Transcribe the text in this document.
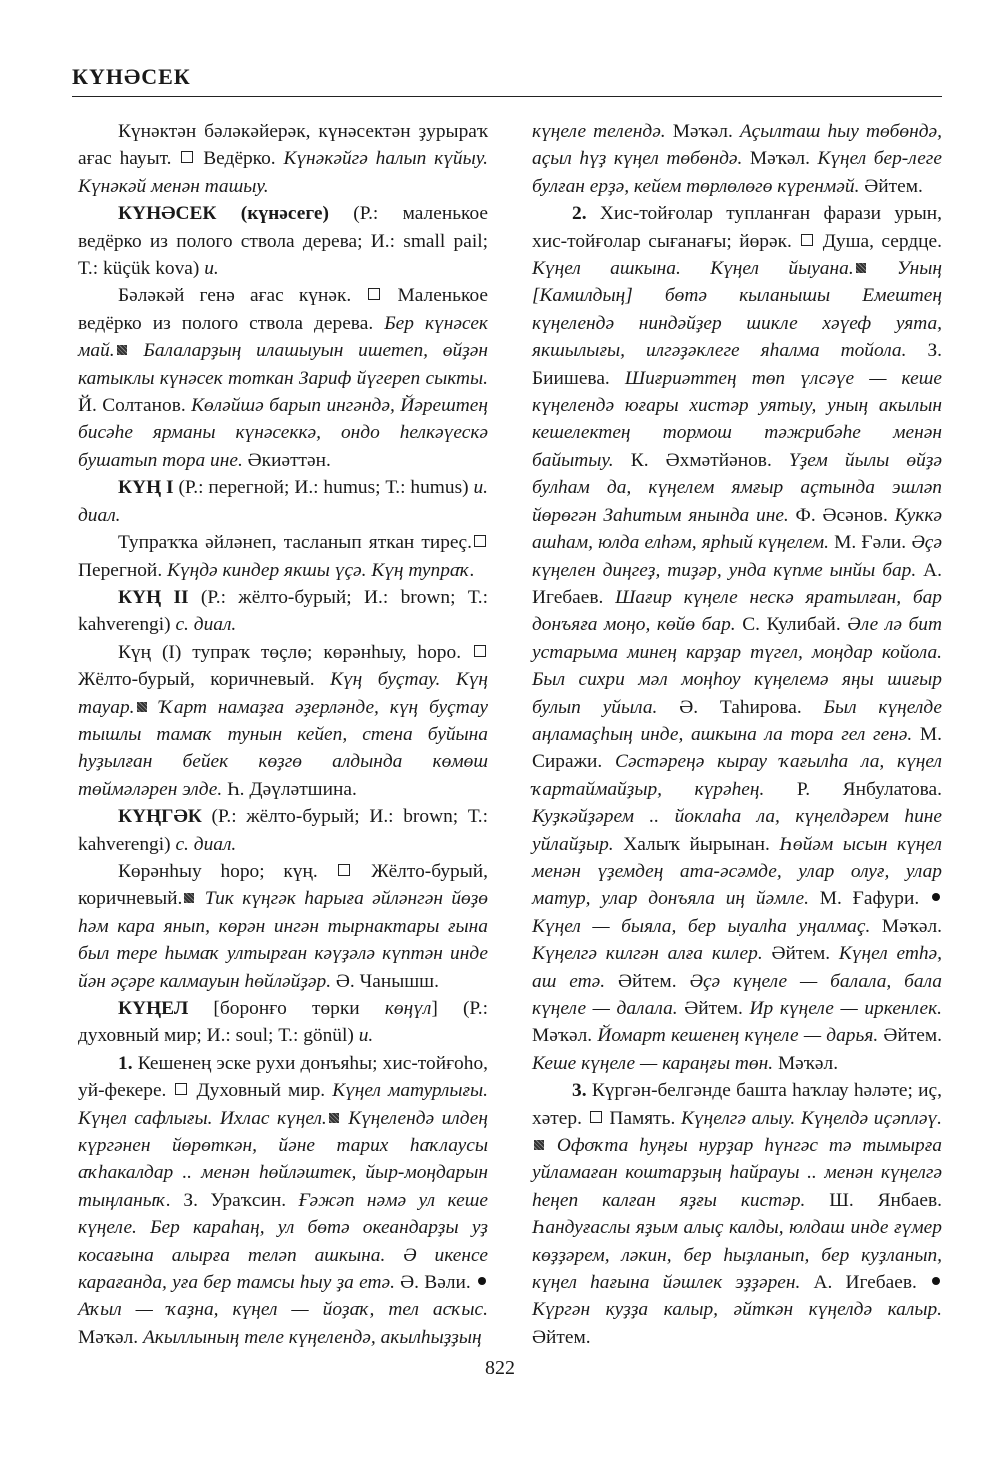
КҮНӘСЕК

Күнәктән бәләкәйерәк, күнәсектән ҙурыраҡ ағас һауыт.  Ведёрко. Күнәкәйгә һалып күйыу. Күнәкәй менән ташыу.

КҮНӘСЕК (күнәсеге) (Р.: маленькое ведёрко из полого ствола дерева; И.: small pail; Т.: küçük kova) и.

Бәләкәй генә ағас күнәк.  Маленькое ведёрко из полого ствола дерева. Бер күнәсек май. Балаларҙың илашыуын ишетеп, өйҙән катыклы күнәсек тоткан Зариф йүгереп сыкты. Й. Солтанов. Көләйшә барып ингәндә, Йәрештең бисәһе ярманы күнәсеккә, ондо һелкәүескә бушатып тора ине. Әкиәттән.

КҮҢ I (Р.: перегной; И.: humus; Т.: humus) и. диал.

Тупраҡҡа әйләнеп, тасланып яткан тиреç. Перегной. Күңдә киндер якшы үçә. Күң тупраҡ.

КҮҢ II (Р.: жёлто-бурый; И.: brown; Т.: kahverengi) с. диал.

Күң (I) тупраҡ төçлө; көрәнһыу, һоро.  Жёлто-бурый, коричневый. Күң буçтау. Күң тауар. Ҡарт намаҙға әҙерләнде, күң буçтау тышлы тамаҡ тунын кейеп, стена буйына һуҙылған бейек көҙгө алдында көмөш төймәләрен элде. Һ. Дәүләтшина.

КҮҢГӘК (Р.: жёлто-бурый; И.: brown; Т.: kahverengi) с. диал.

Көрәнһыу һоро; күң.  Жёлто-бурый, коричневый. Тик күңгәк һарыға әйләнгән йөҙө һәм кара янып, көрән ингән тырнактары ғына был тере һымаҡ ултырған кәүҙәлә күптән инде йән әçәре калмауын һөйләйҙәр. Ә. Чанышш.

КҮҢЕЛ [боронғо төрки көңүл] (Р.: духовный мир; И.: soul; Т.: gönül) и.

1. Кешенең эске рухи донъяһы; хис-тойғоһо, уй-фекере.  Духовный мир. Күңел матурлығы. Күңел сафлығы. Ихлас күңел. Күңелендә илдең күргәнен йөрөткән, йәне тарих һаҡлаусы аҡһакалдар .. менән һөйләштек, йыр-моңдарын тыңланыҡ. З. Ураҡсин. Ғәжәп нәмә ул кеше күңеле. Бер караһаң, ул бөтә океандарҙы уҙ косағына алырға теләп ашкына. Ә икенсе карағанда, уға бер тамсы һыу ҙа етә. Ә. Вәли.  Аҡыл — ҡаҙна, күңел — йоҙаҡ, тел асҡыс. Мәҡәл. Акыллының теле күңелендә, акылһыҙҙың

күңеле телендә. Мәҡәл. Аçылташ һыу төбөндә, аçыл һүҙ күңел төбөндә. Мәҡәл. Күңел бер-леге булған ерҙә, кейем төрлөлөгө күренмәй. Әйтем.

2. Хис-тойғолар тупланған фарази урын, хис-тойғолар сығанағы; йөрәк.  Душа, сердце. Күңел ашкына. Күңел йыуана. Уның [Камилдың] бөтә кыланышы Емештең күңелендә ниндәйҙер шикле хәүеф уята, якшылығы, илгәҙәклеге яһалма тойола. З. Биишева. Шиғриәттең төп үлсәүе — кеше күңелендә юғары хистәр уятыу, уның акылын кешелектең тормош тәжрибәһе менән байытыу. К. Әхмәтйәнов. Үҙем йылы өйҙә булһам да, күңелем ямғыр аçтында эшләп йөрөгән Заһитым янында ине. Ф. Әсәнов. Куккә ашһам, юлда елһәм, ярһый күңелем. М. Ғәли. Әçә күңелен диңгеҙ, тиҙәр, унда күпме ынйы бар. А. Игебаев. Шағир күңеле нескә яратылған, бар донъяға моңо, көйө бар. С. Кулибай. Әле лә бит устарыма минең карҙар түгел, моңдар койола. Был сихри мәл моңһоу күңелемә яңы шиғыр булып уйыла. Ә. Таһирова. Был күңелде аңламаçһың инде, ашкына ла тора гел генә. М. Сиражи. Сәстәреңә кырау ҡағылһа ла, күңел ҡартаймайҙыр, күрәһең. Р. Янбулатова. Куҙкәйҙәрем .. йоклаһа ла, күңелдәрем һине уйлайҙыр. Халыҡ йырынан. Һөйәм ысын күңел менән үҙемдең ата-әсәмде, улар олуғ, улар матур, улар донъяла иң йәмле. М. Ғафури.  Күңел — быяла, бер ыуалһа уңалмаç. Мәҡәл. Күңелгә килгән алға килер. Әйтем. Күңел етһә, аш етә. Әйтем. Әçә күңеле — балала, бала күңеле — далала. Әйтем. Ир күңеле — иркенлек. Мәҡәл. Йомарт кешенең күңеле — дарья. Әйтем. Кеше күңеле — караңғы төн. Мәҡәл.

3. Күргән-белгәнде башта һаҡлау һәләте; иç, хәтер.  Память. Күңелгә алыу. Күңелдә иçәпләү. Офоҡта һуңғы нурҙар һүнгәс тә тымырға уйламаған коштарҙың һайрауы .. менән күңелгә һеңеп калған яҙғы кистәр. Ш. Янбаев. Һандуғаслы яҙым алыç калды, юлдаш инде ғүмер көҙҙәрем, ләкин, бер һыҙланып, бер куҙланып, күңел һағына йәшлек эҙҙәрен. А. Игебаев.  Күргән куҙҙа калыр, әйткән күңелдә калыр. Әйтем.

822
